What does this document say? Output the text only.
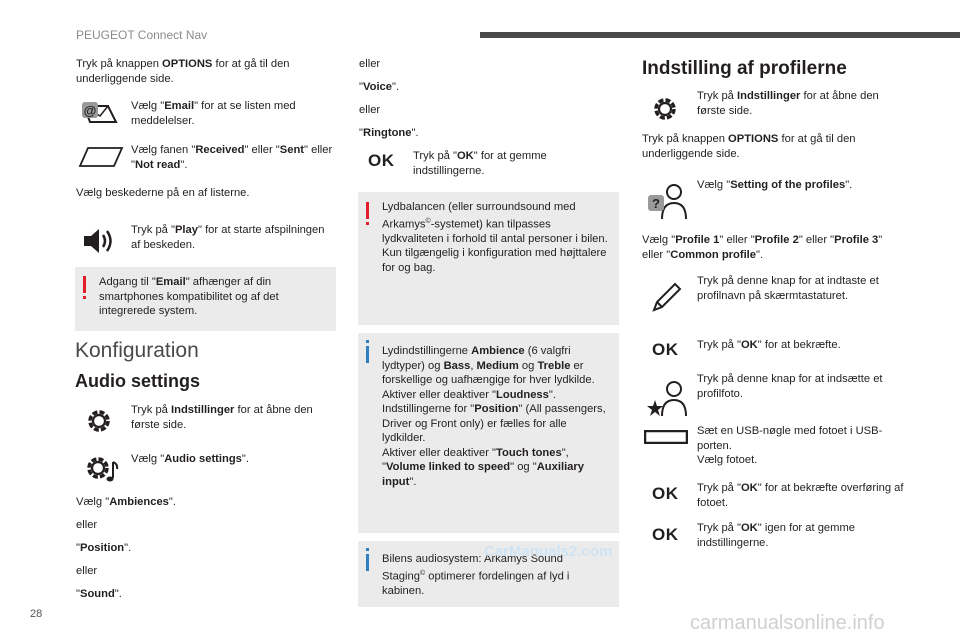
PEUGEOT Connect Nav
Tryk på knappen OPTIONS for at gå til den underliggende side.
@	Vælg "Email" for at se listen med meddelelser.
Vælg fanen "Received" eller "Sent" eller "Not read".
Vælg beskederne på en af listerne.
Tryk på "Play" for at starte afspilningen af beskeden.
Adgang til "Email" afhænger af din smartphones kompatibilitet og af det integrerede system.
Konfiguration
Audio settings
Tryk på Indstillinger for at åbne den første side.
Vælg "Audio settings".
Vælg "Ambiences".
eller
"Position".
eller
"Sound".
eller
"Voice".
eller
"Ringtone".
OK Tryk på "OK" for at gemme indstillingerne.
Lydbalancen (eller surroundsound med Arkamys©-systemet) kan tilpasses lydkvaliteten i forhold til antal personer i bilen.
Kun tilgængelig i konfiguration med højttalere for og bag.
Lydindstillingerne Ambience (6 valgfri lydtyper) og Bass, Medium og Treble er forskellige og uafhængige for hver lydkilde.
Aktiver eller deaktiver "Loudness".
Indstillingerne for "Position" (All passengers, Driver og Front only) er fælles for alle lydkilder.
Aktiver eller deaktiver "Touch tones", "Volume linked to speed" og "Auxiliary input".
Bilens audiosystem: Arkamys Sound Staging© optimerer fordelingen af lyd i kabinen.
CarManuals2.com
Indstilling af profilerne
Tryk på Indstillinger for at åbne den første side.
Tryk på knappen OPTIONS for at gå til den underliggende side.
?
Vælg "Setting of the profiles".
Vælg "Profile 1" eller "Profile 2" eller "Profile 3" eller "Common profile".
Tryk på denne knap for at indtaste et profilnavn på skærmtastaturet.
OK Tryk på "OK" for at bekræfte.
Tryk på denne knap for at indsætte et profilfoto.
Sæt en USB-nøgle med fotoet i USB-porten.
Vælg fotoet.
OK Tryk på "OK" for at bekræfte overføring af fotoet.
OK Tryk på "OK" igen for at gemme indstillingerne.
28	carmanualsonline.info
